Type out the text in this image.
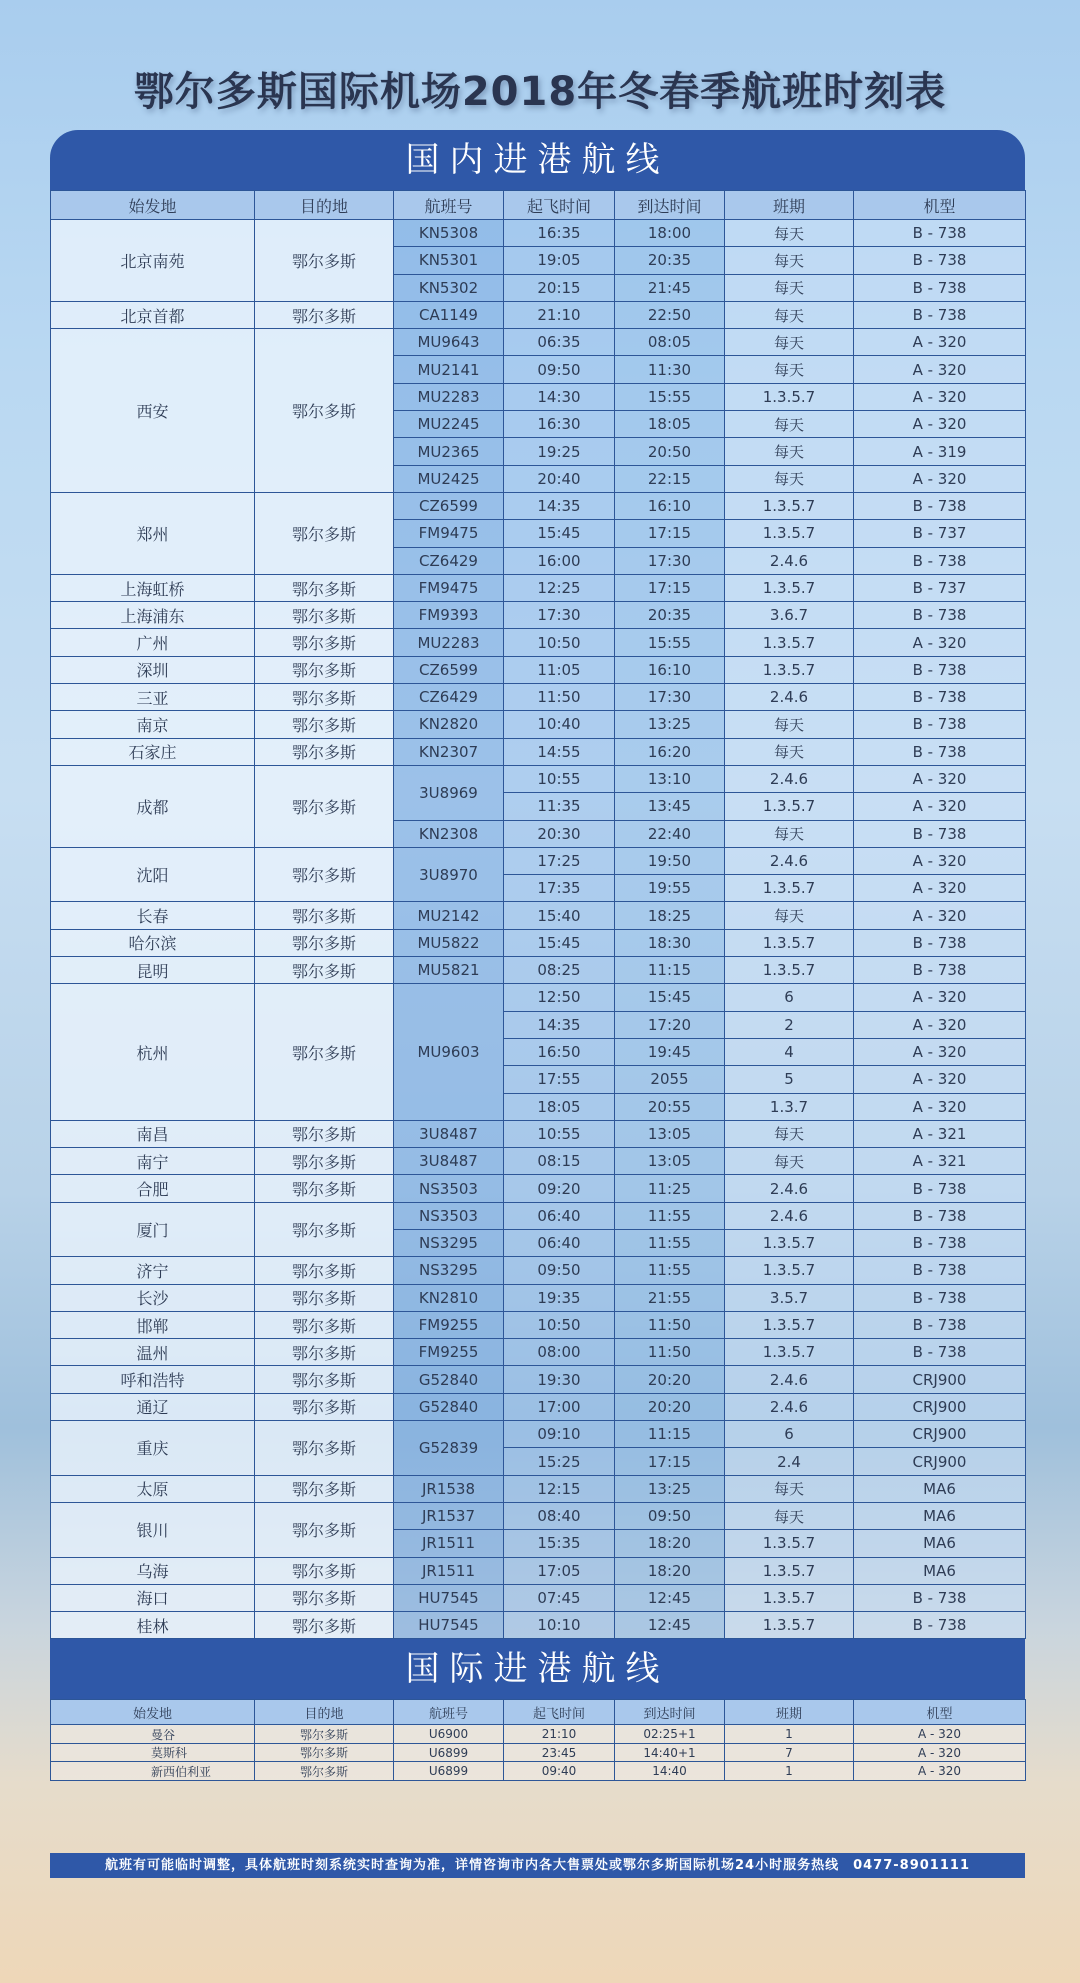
鄂尔多斯国际机场2018年冬春季航班时刻表
国内进港航线
始发地	目的地	航班号	起飞时间	到达时间	班期	机型
北京南苑	鄂尔多斯	KN5308	16:35	18:00	每天	B - 738
		KN5301	19:05	20:35	每天	B - 738
		KN5302	20:15	21:45	每天	B - 738
北京首都	鄂尔多斯	CA1149	21:10	22:50	每天	B - 738
西安	鄂尔多斯	MU9643	06:35	08:05	每天	A - 320
		MU2141	09:50	11:30	每天	A - 320
		MU2283	14:30	15:55	1.3.5.7	A - 320
		MU2245	16:30	18:05	每天	A - 320
		MU2365	19:25	20:50	每天	A - 319
		MU2425	20:40	22:15	每天	A - 320
郑州	鄂尔多斯	CZ6599	14:35	16:10	1.3.5.7	B - 738
		FM9475	15:45	17:15	1.3.5.7	B - 737
		CZ6429	16:00	17:30	2.4.6	B - 738
上海虹桥	鄂尔多斯	FM9475	12:25	17:15	1.3.5.7	B - 737
上海浦东	鄂尔多斯	FM9393	17:30	20:35	3.6.7	B - 738
广州	鄂尔多斯	MU2283	10:50	15:55	1.3.5.7	A - 320
深圳	鄂尔多斯	CZ6599	11:05	16:10	1.3.5.7	B - 738
三亚	鄂尔多斯	CZ6429	11:50	17:30	2.4.6	B - 738
南京	鄂尔多斯	KN2820	10:40	13:25	每天	B - 738
石家庄	鄂尔多斯	KN2307	14:55	16:20	每天	B - 738
成都	鄂尔多斯	3U8969	10:55	13:10	2.4.6	A - 320
			11:35	13:45	1.3.5.7	A - 320
		KN2308	20:30	22:40	每天	B - 738
沈阳	鄂尔多斯	3U8970	17:25	19:50	2.4.6	A - 320
			17:35	19:55	1.3.5.7	A - 320
长春	鄂尔多斯	MU2142	15:40	18:25	每天	A - 320
哈尔滨	鄂尔多斯	MU5822	15:45	18:30	1.3.5.7	B - 738
昆明	鄂尔多斯	MU5821	08:25	11:15	1.3.5.7	B - 738
杭州	鄂尔多斯	MU9603	12:50	15:45	6	A - 320
			14:35	17:20	2	A - 320
			16:50	19:45	4	A - 320
			17:55	2055	5	A - 320
			18:05	20:55	1.3.7	A - 320
南昌	鄂尔多斯	3U8487	10:55	13:05	每天	A - 321
南宁	鄂尔多斯	3U8487	08:15	13:05	每天	A - 321
合肥	鄂尔多斯	NS3503	09:20	11:25	2.4.6	B - 738
厦门	鄂尔多斯	NS3503	06:40	11:55	2.4.6	B - 738
		NS3295	06:40	11:55	1.3.5.7	B - 738
济宁	鄂尔多斯	NS3295	09:50	11:55	1.3.5.7	B - 738
长沙	鄂尔多斯	KN2810	19:35	21:55	3.5.7	B - 738
邯郸	鄂尔多斯	FM9255	10:50	11:50	1.3.5.7	B - 738
温州	鄂尔多斯	FM9255	08:00	11:50	1.3.5.7	B - 738
呼和浩特	鄂尔多斯	G52840	19:30	20:20	2.4.6	CRJ900
通辽	鄂尔多斯	G52840	17:00	20:20	2.4.6	CRJ900
重庆	鄂尔多斯	G52839	09:10	11:15	6	CRJ900
			15:25	17:15	2.4	CRJ900
太原	鄂尔多斯	JR1538	12:15	13:25	每天	MA6
银川	鄂尔多斯	JR1537	08:40	09:50	每天	MA6
		JR1511	15:35	18:20	1.3.5.7	MA6
乌海	鄂尔多斯	JR1511	17:05	18:20	1.3.5.7	MA6
海口	鄂尔多斯	HU7545	07:45	12:45	1.3.5.7	B - 738
桂林	鄂尔多斯	HU7545	10:10	12:45	1.3.5.7	B - 738
国际进港航线
始发地	目的地	航班号	起飞时间	到达时间	班期	机型
曼谷	鄂尔多斯	U6900	21:10	02:25+1	1	A - 320
莫斯科	鄂尔多斯	U6899	23:45	14:40+1	7	A - 320
新西伯利亚	鄂尔多斯	U6899	09:40	14:40	1	A - 320
航班有可能临时调整，具体航班时刻系统实时查询为准，详情咨询市内各大售票处或鄂尔多斯国际机场24小时服务热线　0477-8901111
